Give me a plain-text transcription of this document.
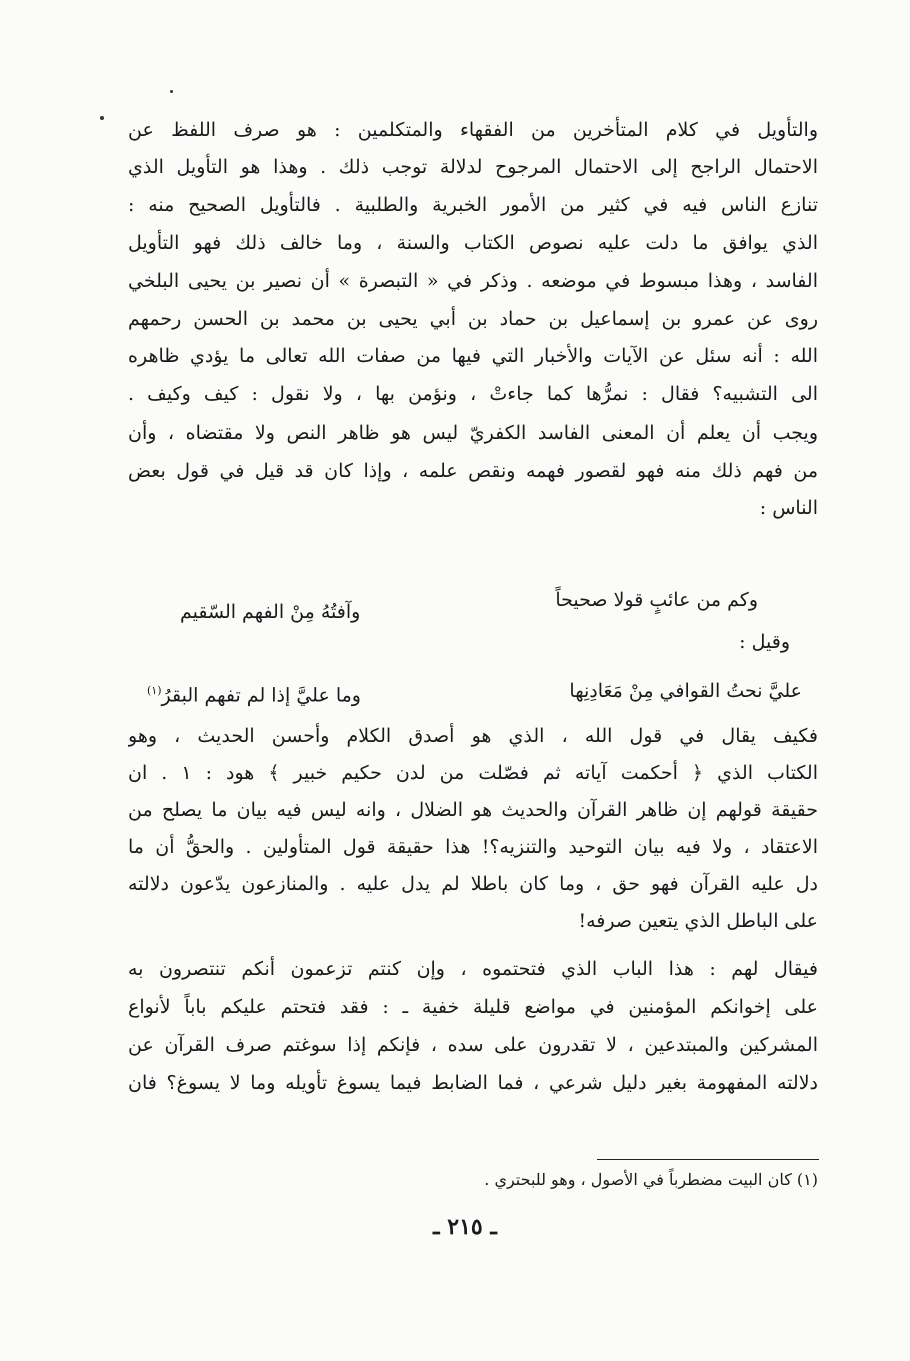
والتأويل في كلام المتأخرين من الفقهاء والمتكلمين : هو صرف اللفظ عن
الاحتمال الراجح إلى الاحتمال المرجوح لدلالة توجب ذلك . وهذا هو التأويل الذي
تنازع الناس فيه في كثير من الأمور الخبرية والطلبية . فالتأويل الصحيح منه :
الذي يوافق ما دلت عليه نصوص الكتاب والسنة ، وما خالف ذلك فهو التأويل
الفاسد ، وهذا مبسوط في موضعه . وذكر في « التبصرة » أن نصير بن يحيى البلخي
روى عن عمرو بن إسماعيل بن حماد بن أبي يحيى بن محمد بن الحسن رحمهم
الله : أنه سئل عن الآيات والأخبار التي فيها من صفات الله تعالى ما يؤدي ظاهره
الى التشبيه؟ فقال : نمرُّها كما جاءتْ ، ونؤمن بها ، ولا نقول : كيف وكيف .
ويجب أن يعلم أن المعنى الفاسد الكفريّ ليس هو ظاهر النص ولا مقتضاه ، وأن
من فهم ذلك منه فهو لقصور فهمه ونقص علمه ، وإذا كان قد قيل في قول بعض
الناس :
وكم من عائبٍ قولا صحيحاً
وآفتُهُ مِنْ الفهم السّقيم
وقيل :
عليَّ نحتُ القوافي مِنْ مَعَادِنِها
وما عليَّ إذا لم تفهم البقرُ$^{(١)}$
فكيف يقال في قول الله ، الذي هو أصدق الكلام وأحسن الحديث ، وهو
الكتاب الذي ﴿ أحكمت آياته ثم فصّلت من لدن حكيم خبير ﴾ هود : ١ . ان
حقيقة قولهم إن ظاهر القرآن والحديث هو الضلال ، وانه ليس فيه بيان ما يصلح من
الاعتقاد ، ولا فيه بيان التوحيد والتنزيه؟! هذا حقيقة قول المتأولين . والحقُّ أن ما
دل عليه القرآن فهو حق ، وما كان باطلا لم يدل عليه . والمنازعون يدّعون دلالته
على الباطل الذي يتعين صرفه!
فيقال لهم : هذا الباب الذي فتحتموه ، وإن كنتم تزعمون أنكم تنتصرون به
على إخوانكم المؤمنين في مواضع قليلة خفية ـ : فقد فتحتم عليكم باباً لأنواع
المشركين والمبتدعين ، لا تقدرون على سده ، فإنكم إذا سوغتم صرف القرآن عن
دلالته المفهومة بغير دليل شرعي ، فما الضابط فيما يسوغ تأويله وما لا يسوغ؟ فان
(١) كان البيت مضطرباً في الأصول ، وهو للبحتري .
ـ ٢١٥ ـ
